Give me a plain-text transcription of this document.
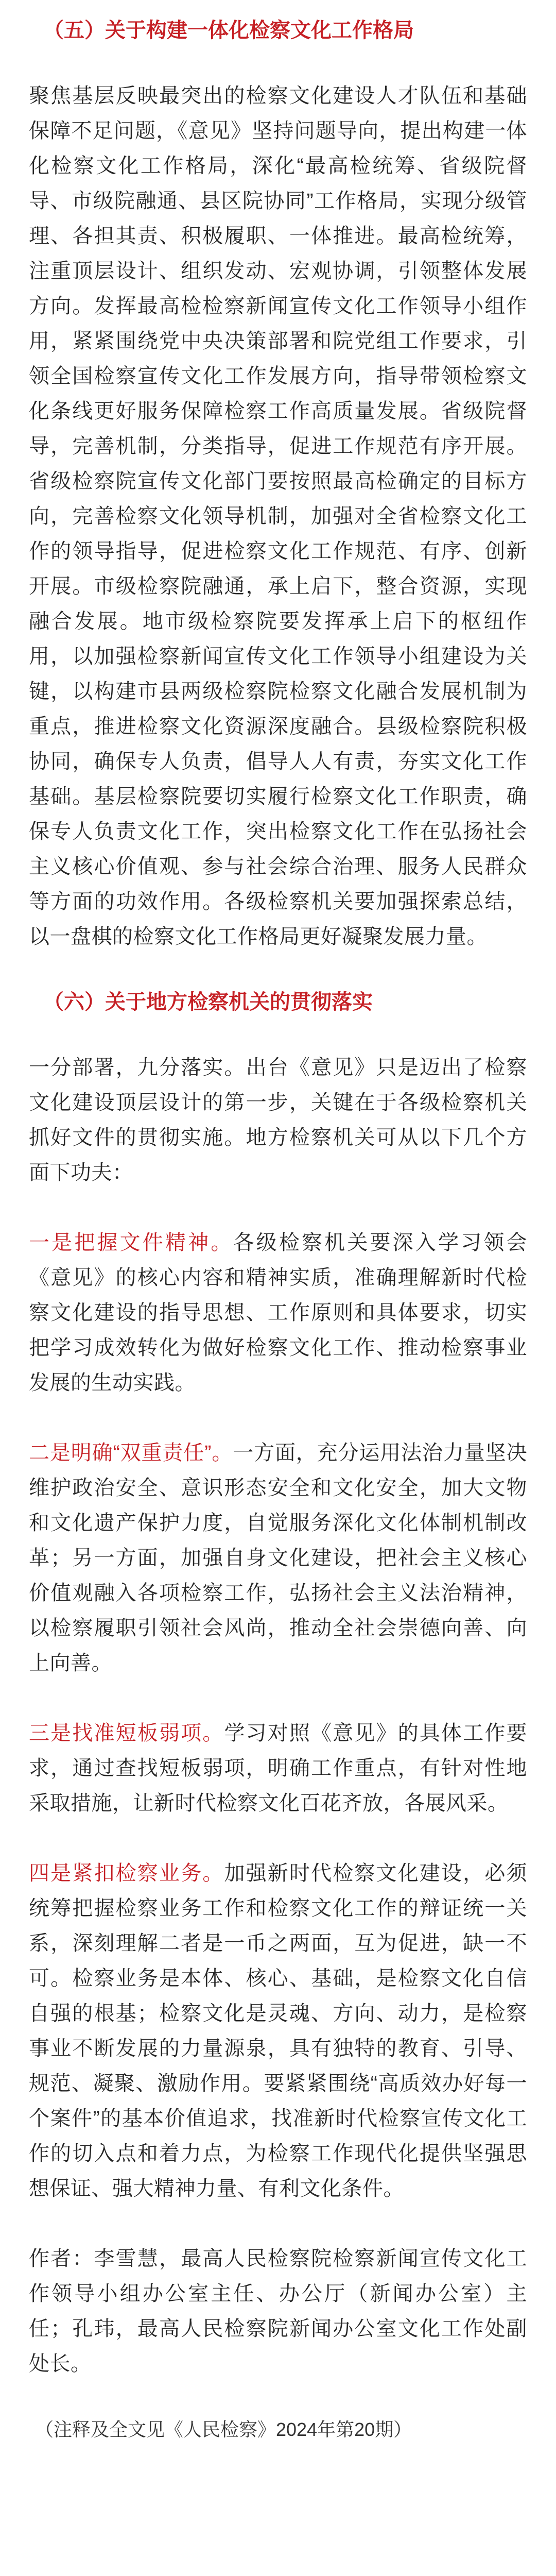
（五）关于构建一体化检察文化工作格局

聚焦基层反映最突出的检察文化建设人才队伍和基础保障不足问题，《意见》坚持问题导向，提出构建一体化检察文化工作格局，深化“最高检统筹、省级院督导、市级院融通、县区院协同”工作格局，实现分级管理、各担其责、积极履职、一体推进。最高检统筹，注重顶层设计、组织发动、宏观协调，引领整体发展方向。发挥最高检检察新闻宣传文化工作领导小组作用，紧紧围绕党中央决策部署和院党组工作要求，引领全国检察宣传文化工作发展方向，指导带领检察文化条线更好服务保障检察工作高质量发展。省级院督导，完善机制，分类指导，促进工作规范有序开展。省级检察院宣传文化部门要按照最高检确定的目标方向，完善检察文化领导机制，加强对全省检察文化工作的领导指导，促进检察文化工作规范、有序、创新开展。市级检察院融通，承上启下，整合资源，实现融合发展。地市级检察院要发挥承上启下的枢纽作用，以加强检察新闻宣传文化工作领导小组建设为关键，以构建市县两级检察院检察文化融合发展机制为重点，推进检察文化资源深度融合。县级检察院积极协同，确保专人负责，倡导人人有责，夯实文化工作基础。基层检察院要切实履行检察文化工作职责，确保专人负责文化工作，突出检察文化工作在弘扬社会主义核心价值观、参与社会综合治理、服务人民群众等方面的功效作用。各级检察机关要加强探索总结，以一盘棋的检察文化工作格局更好凝聚发展力量。

（六）关于地方检察机关的贯彻落实

一分部署，九分落实。出台《意见》只是迈出了检察文化建设顶层设计的第一步，关键在于各级检察机关抓好文件的贯彻实施。地方检察机关可从以下几个方面下功夫：

一是把握文件精神。各级检察机关要深入学习领会《意见》的核心内容和精神实质，准确理解新时代检察文化建设的指导思想、工作原则和具体要求，切实把学习成效转化为做好检察文化工作、推动检察事业发展的生动实践。

二是明确“双重责任”。一方面，充分运用法治力量坚决维护政治安全、意识形态安全和文化安全，加大文物和文化遗产保护力度，自觉服务深化文化体制机制改革；另一方面，加强自身文化建设，把社会主义核心价值观融入各项检察工作，弘扬社会主义法治精神，以检察履职引领社会风尚，推动全社会崇德向善、向上向善。

三是找准短板弱项。学习对照《意见》的具体工作要求，通过查找短板弱项，明确工作重点，有针对性地采取措施，让新时代检察文化百花齐放，各展风采。

四是紧扣检察业务。加强新时代检察文化建设，必须统筹把握检察业务工作和检察文化工作的辩证统一关系，深刻理解二者是一币之两面，互为促进，缺一不可。检察业务是本体、核心、基础，是检察文化自信自强的根基；检察文化是灵魂、方向、动力，是检察事业不断发展的力量源泉，具有独特的教育、引导、规范、凝聚、激励作用。要紧紧围绕“高质效办好每一个案件”的基本价值追求，找准新时代检察宣传文化工作的切入点和着力点，为检察工作现代化提供坚强思想保证、强大精神力量、有利文化条件。

作者：李雪慧，最高人民检察院检察新闻宣传文化工作领导小组办公室主任、办公厅（新闻办公室）主任；孔玮，最高人民检察院新闻办公室文化工作处副处长。

（注释及全文见《人民检察》2024年第20期）
